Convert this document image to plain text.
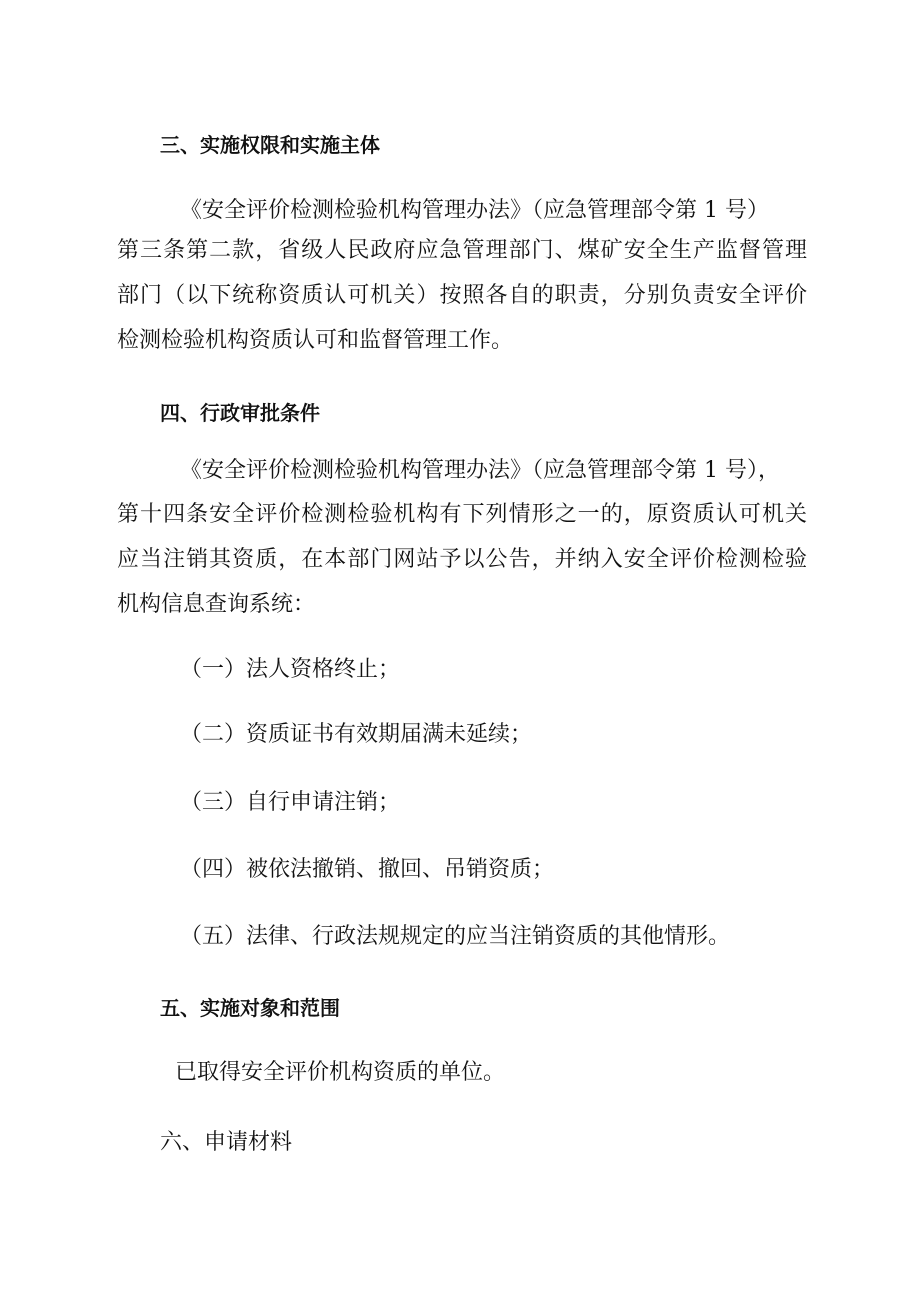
三、实施权限和实施主体
《安全评价检测检验机构管理办法》（应急管理部令第 1 号）
第三条第二款，省级人民政府应急管理部门、煤矿安全生产监督管理
部门（以下统称资质认可机关）按照各自的职责，分别负责安全评价
检测检验机构资质认可和监督管理工作。
四、行政审批条件
《安全评价检测检验机构管理办法》（应急管理部令第 1 号），
第十四条安全评价检测检验机构有下列情形之一的，原资质认可机关
应当注销其资质，在本部门网站予以公告，并纳入安全评价检测检验
机构信息查询系统：
（一）法人资格终止；
（二）资质证书有效期届满未延续；
（三）自行申请注销；
（四）被依法撤销、撤回、吊销资质；
（五）法律、行政法规规定的应当注销资质的其他情形。
五、实施对象和范围
已取得安全评价机构资质的单位。
六、申请材料
